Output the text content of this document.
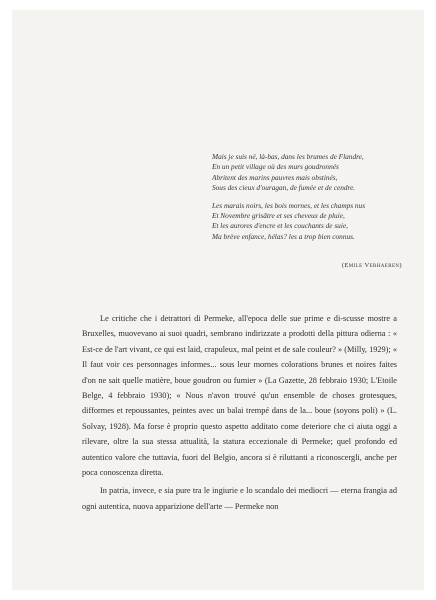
Mais je suis né, là-bas, dans les brumes de Flandre,
En un petit village où des murs goudronnés
Abritent des marins pauvres mais obstinés,
Sous des cieux d'ouragan, de fumée et de cendre.
Les marais noirs, les bois mornes, et les champs nus
Et Novembre grisâtre et ses cheveux de pluie,
Et les aurores d'encre et les couchants de suie,
Ma brève enfance, hélas? les a trop bien connus.
(Emile Verhaeren)

Le critiche che i detrattori di Permeke, all'epoca delle sue prime e di-scusse mostre a Bruxelles, muovevano ai suoi quadri, sembrano indirizzate a prodotti della pittura odierna : « Est-ce de l'art vivant, ce qui est laid, crapuleux, mal peint et de sale couleur? » (Milly, 1929); « Il faut voir ces personnages informes... sous leur mornes colorations brunes et noires faites d'on ne sait quelle matière, boue goudron ou fumier » (La Gazette, 28 febbraio 1930; L'Etoile Belge, 4 febbraio 1930); « Nous n'avon trouvé qu'un ensemble de choses grotesques, difformes et repoussantes, peintes avec un balai trempé dans de la... boue (soyons poli) » (L. Solvay, 1928). Ma forse è proprio questo aspetto additato come deteriore che ci aiuta oggi a rilevare, oltre la sua stessa attualità, la statura eccezionale di Permeke; quel profondo ed autentico valore che tuttavia, fuori del Belgio, ancora si è riluttanti a riconoscergli, anche per poca conoscenza diretta.

In patria, invece, e sia pure tra le ingiurie e lo scandalo dei mediocri — eterna frangia ad ogni autentica, nuova apparizione dell'arte — Permeke non
